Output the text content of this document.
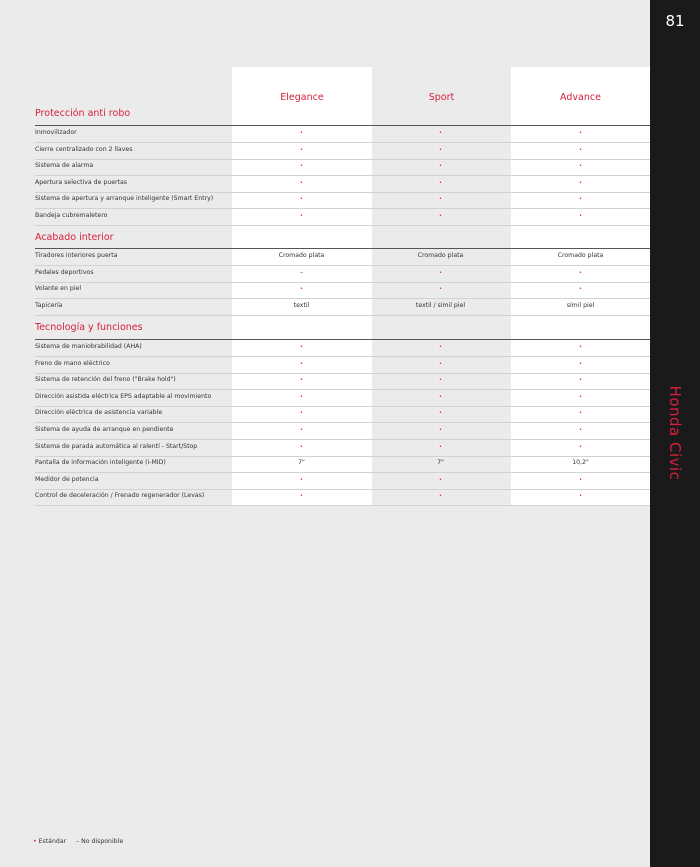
81
Honda Civic
Elegance	Sport	Advance
Protección anti robo
Inmovilizador	•	•	•
Cierre centralizado con 2 llaves	•	•	•
Sistema de alarma	•	•	•
Apertura selectiva de puertas	•	•	•
Sistema de apertura y arranque inteligente (Smart Entry)	•	•	•
Bandeja cubremaletero	•	•	•
Acabado interior
Tiradores interiores puerta	Cromado plata	Cromado plata	Cromado plata
Pedales deportivos	–	•	•
Volante en piel	•	•	•
Tapicería	textil	textil / símil piel	símil piel
Tecnología y funciones
Sistema de maniobrabilidad (AHA)	•	•	•
Freno de mano eléctrico	•	•	•
Sistema de retención del freno ("Brake hold")	•	•	•
Dirección asistida eléctrica EPS adaptable al movimiento	•	•	•
Dirección eléctrica de asistencia variable	•	•	•
Sistema de ayuda de arranque en pendiente	•	•	•
Sistema de parada automática al ralentí - Start/Stop	•	•	•
Pantalla de información inteligente (i-MID)	7"	7"	10,2"
Medidor de potencia	•	•	•
Control de deceleración / Frenado regenerador (Levas)	•	•	•
• Estándar – No disponible
